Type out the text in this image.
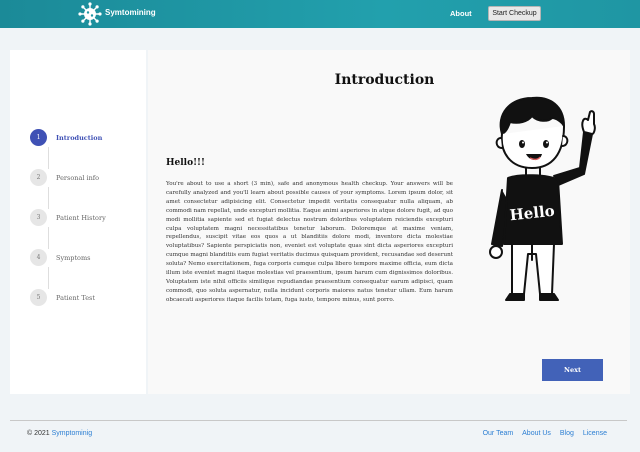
Symtomining	About	Start Checkup
1	Introduction
2	Personal info
3	Patient History
4	Symptoms
5	Patient Test
Introduction
Hello!!!

You're about to use a short (3 min), safe and anonymous health checkup. Your answers will be carefully analyzed and you'll learn about possible causes of your symptoms. Lorem ipsum dolor, sit amet consectetur adipisicing elit. Consectetur impedit veritatis consequatur nulla aliquam, ab commodi nam repellat, unde excepturi mollitia. Eaque animi asperiores in atque dolore fugit, ad quo modi mollitia sapiente sed et fugiat delectus nostrum doloribus voluptatem reiciendis excepturi culpa voluptatem magni necessitatibus tenetur laborum. Doloremque at maxime veniam, repellendus, suscipit vitae eos quos a ut blanditiis dolore modi, inventore dicta molestiae voluptatibus? Sapiente perspiciatis non, eveniet est voluptate quas sint dicta asperiores excepturi cumque magni blanditiis eum fugiat veritatis ducimus quisquam provident, recusandae sed deserunt soluta? Nemo exercitationem, fuga corporis cumque culpa libero tempore maxime officia, eum dicta illum iste eveniet magni itaque molestias vel praesentium, ipsum harum cum dignissimos doloribus. Voluptatem iste nihil officiis similique repudiandae praesentium consequatur earum adipisci, quam commodi, quo soluta aspernatur, nulla incidunt corporis maiores natus tenetur ullam. Eum harum obcaecati asperiores itaque facilis totam, fuga iusto, tempore minus, sunt porro.

Hello
Next
© 2021 Symptominig	Our Team About Us Blog License
